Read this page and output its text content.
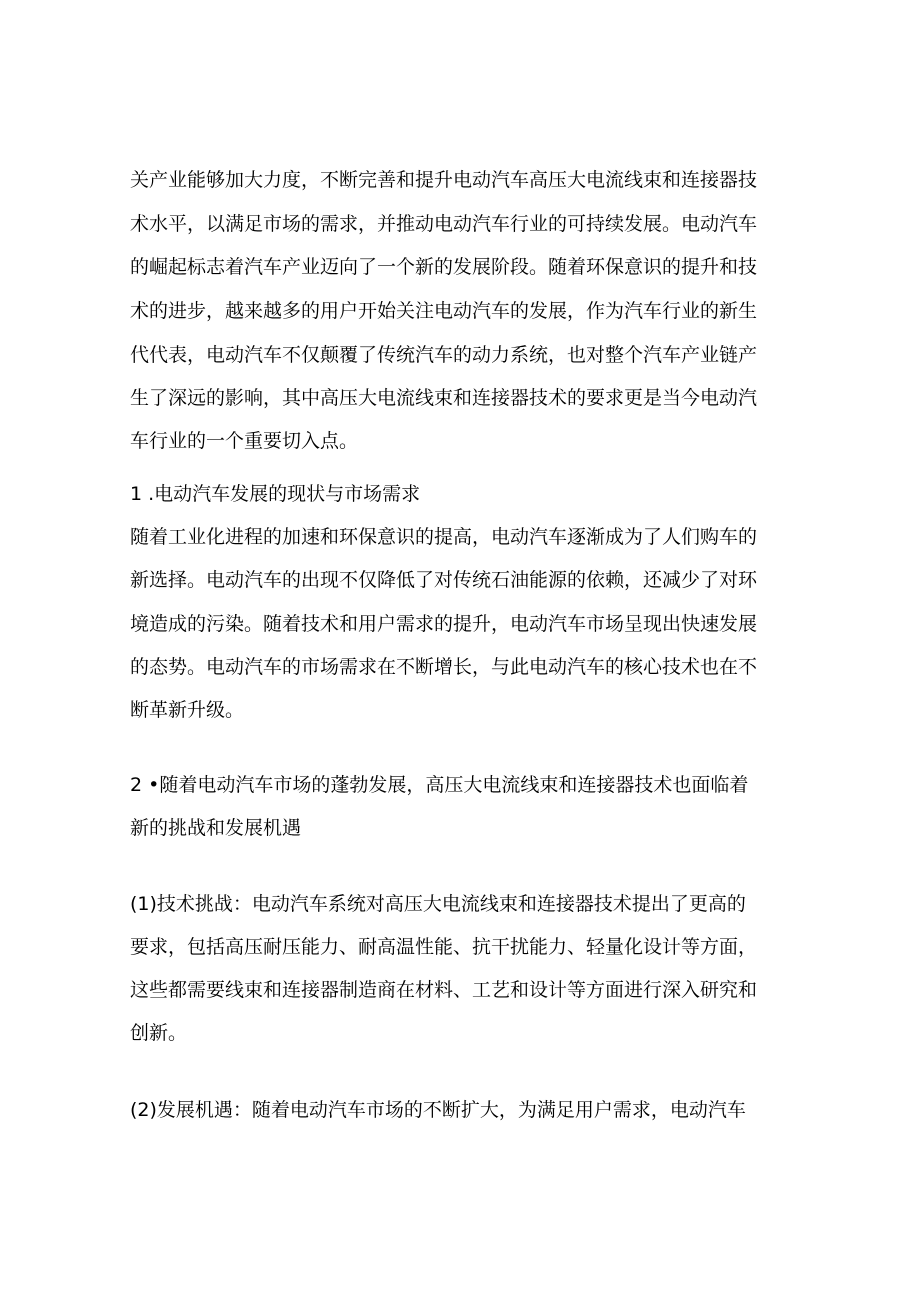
关产业能够加大力度，不断完善和提升电动汽车高压大电流线束和连接器技
术水平，以满足市场的需求，并推动电动汽车行业的可持续发展。电动汽车
的崛起标志着汽车产业迈向了一个新的发展阶段。随着环保意识的提升和技
术的进步，越来越多的用户开始关注电动汽车的发展，作为汽车行业的新生
代代表，电动汽车不仅颠覆了传统汽车的动力系统，也对整个汽车产业链产
生了深远的影响，其中高压大电流线束和连接器技术的要求更是当今电动汽
车行业的一个重要切入点。
1 .电动汽车发展的现状与市场需求
随着工业化进程的加速和环保意识的提高，电动汽车逐渐成为了人们购车的
新选择。电动汽车的出现不仅降低了对传统石油能源的依赖，还减少了对环
境造成的污染。随着技术和用户需求的提升，电动汽车市场呈现出快速发展
的态势。电动汽车的市场需求在不断增长，与此电动汽车的核心技术也在不
断革新升级。
2 •随着电动汽车市场的蓬勃发展，高压大电流线束和连接器技术也面临着
新的挑战和发展机遇
(1)技术挑战：电动汽车系统对高压大电流线束和连接器技术提出了更高的
要求，包括高压耐压能力、耐高温性能、抗干扰能力、轻量化设计等方面，
这些都需要线束和连接器制造商在材料、工艺和设计等方面进行深入研究和
创新。
(2)发展机遇：随着电动汽车市场的不断扩大，为满足用户需求，电动汽车
